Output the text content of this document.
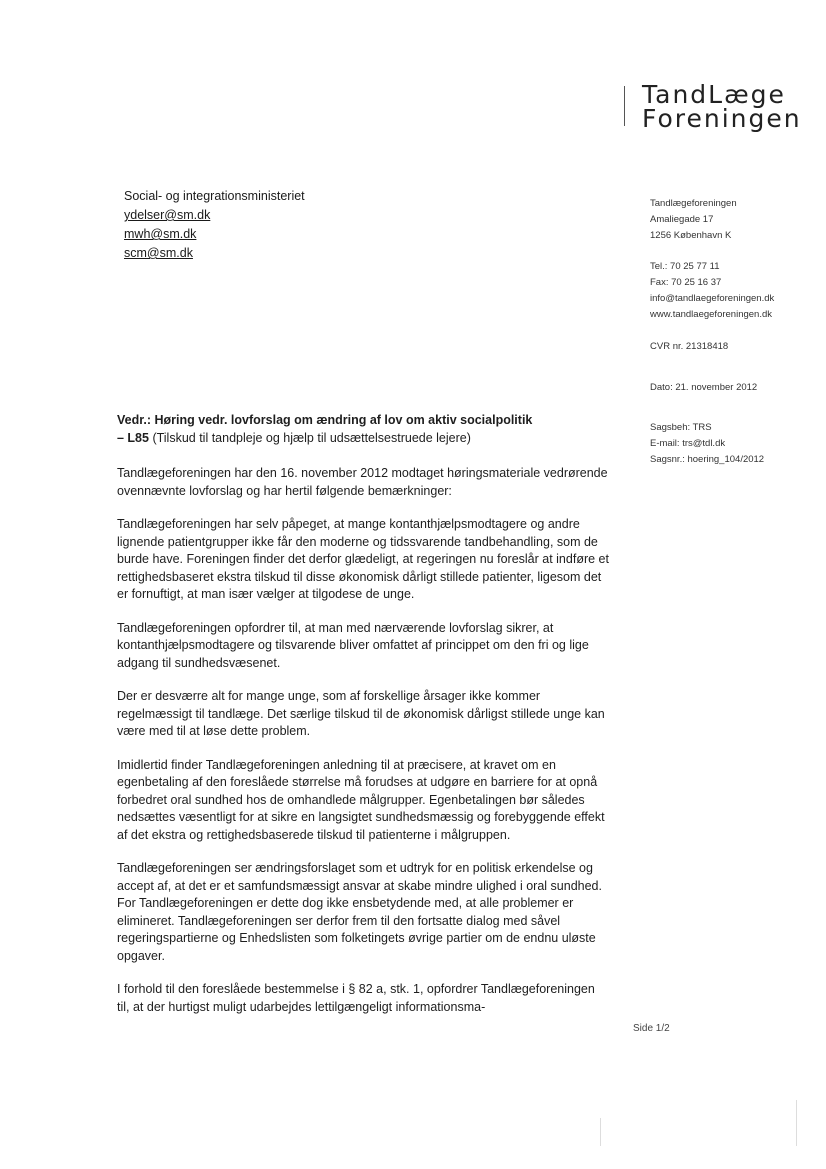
TandLæge
Foreningen
Social- og integrationsministeriet
ydelser@sm.dk
mwh@sm.dk
scm@sm.dk
Tandlægeforeningen
Amaliegade 17
1256 København K
Tel.: 70 25 77 11
Fax: 70 25 16 37
info@tandlaegeforeningen.dk
www.tandlaegeforeningen.dk
CVR nr. 21318418
Dato: 21. november 2012
Sagsbeh: TRS
E-mail: trs@tdl.dk
Sagsnr.: hoering_104/2012
Vedr.: Høring vedr. lovforslag om ændring af lov om aktiv socialpolitik
– L85 (Tilskud til tandpleje og hjælp til udsættelsestruede lejere)

Tandlægeforeningen har den 16. november 2012 modtaget høringsmateriale vedrørende ovennævnte lovforslag og har hertil følgende bemærkninger:

Tandlægeforeningen har selv påpeget, at mange kontanthjælpsmodtagere og andre lignende patientgrupper ikke får den moderne og tidssvarende tandbehandling, som de burde have. Foreningen finder det derfor glædeligt, at regeringen nu foreslår at indføre et rettighedsbaseret ekstra tilskud til disse økonomisk dårligt stillede patienter, ligesom det er fornuftigt, at man især vælger at tilgodese de unge.

Tandlægeforeningen opfordrer til, at man med nærværende lovforslag sikrer, at kontanthjælpsmodtagere og tilsvarende bliver omfattet af princippet om den fri og lige adgang til sundhedsvæsenet.

Der er desværre alt for mange unge, som af forskellige årsager ikke kommer regelmæssigt til tandlæge. Det særlige tilskud til de økonomisk dårligst stillede unge kan være med til at løse dette problem.

Imidlertid finder Tandlægeforeningen anledning til at præcisere, at kravet om en egenbetaling af den foreslåede størrelse må forudses at udgøre en barriere for at opnå forbedret oral sundhed hos de omhandlede målgrupper. Egenbetalingen bør således nedsættes væsentligt for at sikre en langsigtet sundhedsmæssig og forebyggende effekt af det ekstra og rettighedsbaserede tilskud til patienterne i målgruppen.

Tandlægeforeningen ser ændringsforslaget som et udtryk for en politisk erkendelse og accept af, at det er et samfundsmæssigt ansvar at skabe mindre ulighed i oral sundhed. For Tandlægeforeningen er dette dog ikke ensbetydende med, at alle problemer er elimineret. Tandlægeforeningen ser derfor frem til den fortsatte dialog med såvel regeringspartierne og Enhedslisten som folketingets øvrige partier om de endnu uløste opgaver.

I forhold til den foreslåede bestemmelse i § 82 a, stk. 1, opfordrer Tandlægeforeningen til, at der hurtigst muligt udarbejdes lettilgængeligt informationsma-

Side 1/2
